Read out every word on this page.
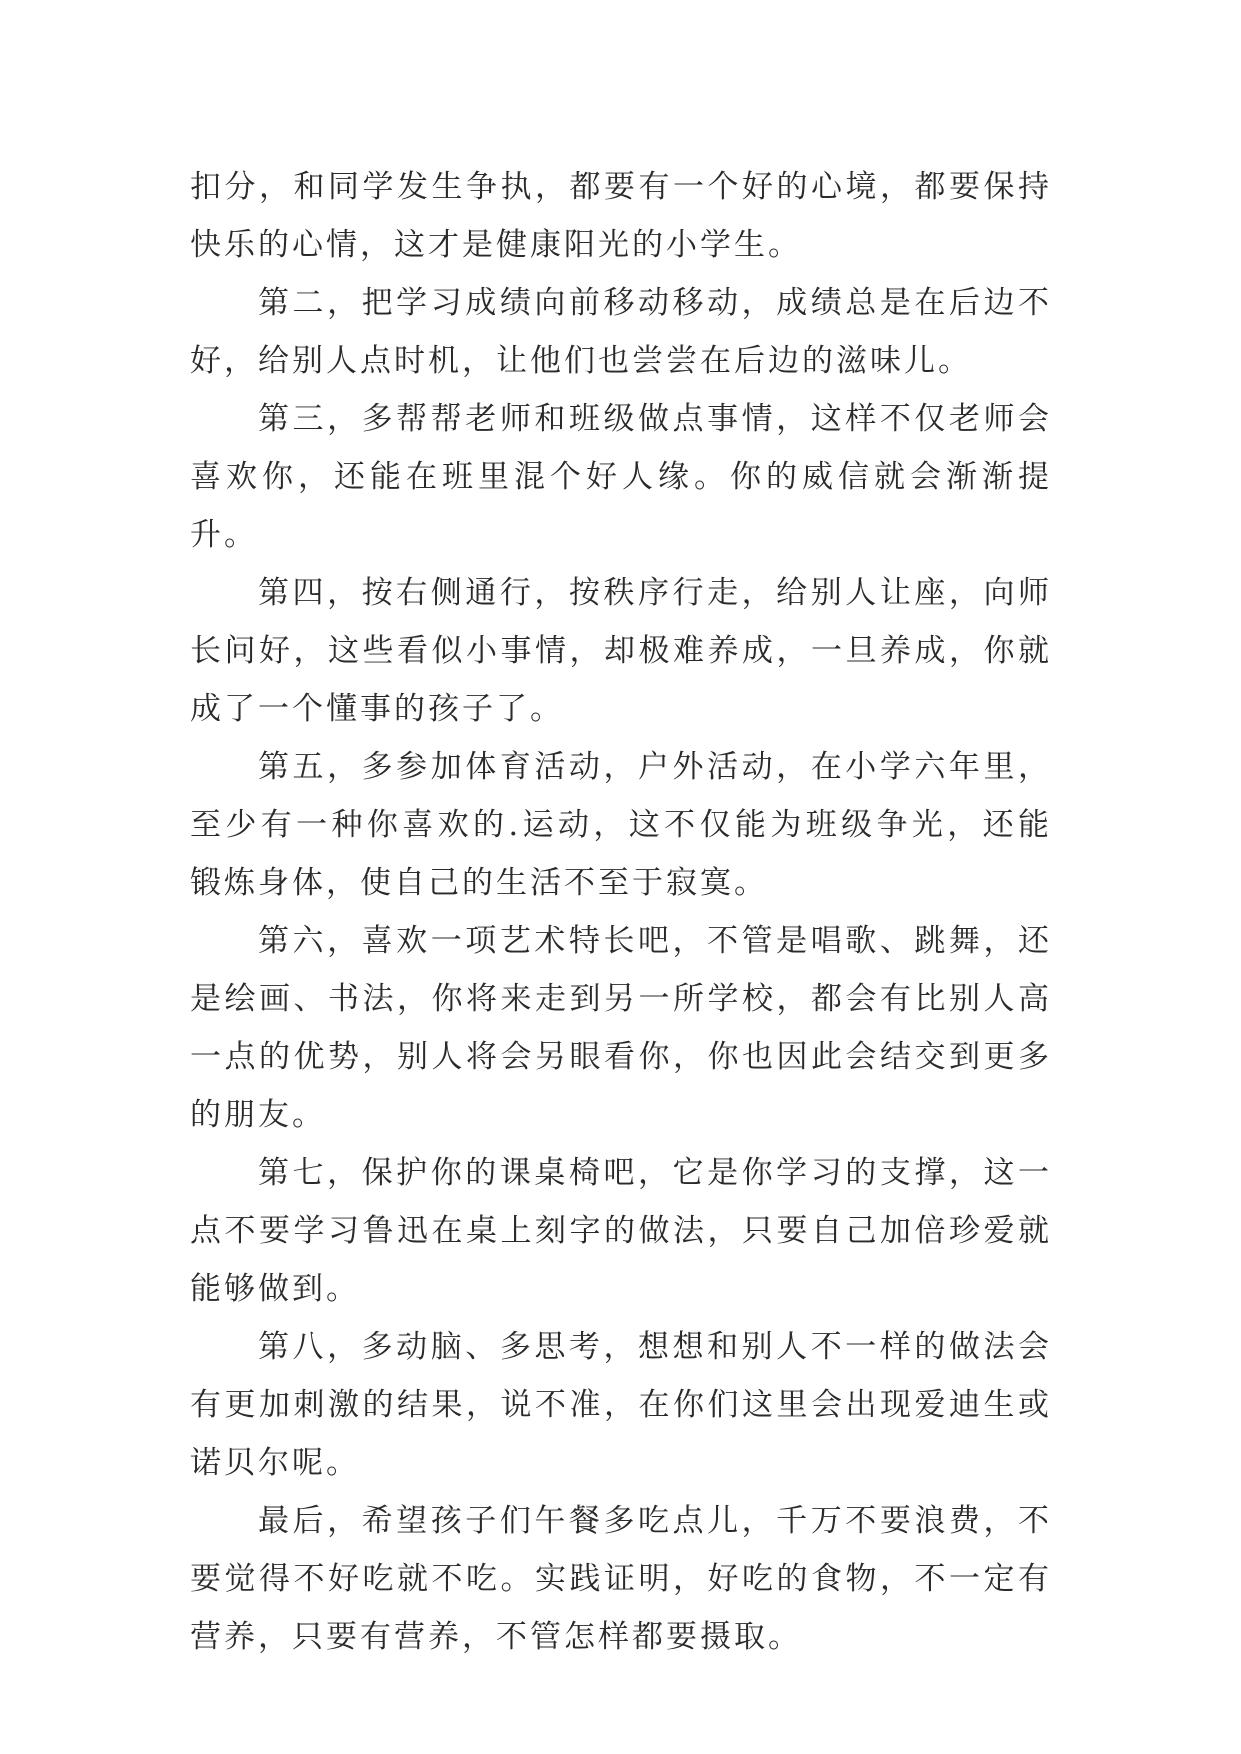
扣分，和同学发生争执，都要有一个好的心境，都要保持快乐的心情，这才是健康阳光的小学生。

第二，把学习成绩向前移动移动，成绩总是在后边不好，给别人点时机，让他们也尝尝在后边的滋味儿。

第三，多帮帮老师和班级做点事情，这样不仅老师会喜欢你，还能在班里混个好人缘。你的威信就会渐渐提升。

第四，按右侧通行，按秩序行走，给别人让座，向师长问好，这些看似小事情，却极难养成，一旦养成，你就成了一个懂事的孩子了。

第五，多参加体育活动，户外活动，在小学六年里，至少有一种你喜欢的.运动，这不仅能为班级争光，还能锻炼身体，使自己的生活不至于寂寞。

第六，喜欢一项艺术特长吧，不管是唱歌、跳舞，还是绘画、书法，你将来走到另一所学校，都会有比别人高一点的优势，别人将会另眼看你，你也因此会结交到更多的朋友。

第七，保护你的课桌椅吧，它是你学习的支撑，这一点不要学习鲁迅在桌上刻字的做法，只要自己加倍珍爱就能够做到。

第八，多动脑、多思考，想想和别人不一样的做法会有更加刺激的结果，说不准，在你们这里会出现爱迪生或诺贝尔呢。

最后，希望孩子们午餐多吃点儿，千万不要浪费，不要觉得不好吃就不吃。实践证明，好吃的食物，不一定有营养，只要有营养，不管怎样都要摄取。
